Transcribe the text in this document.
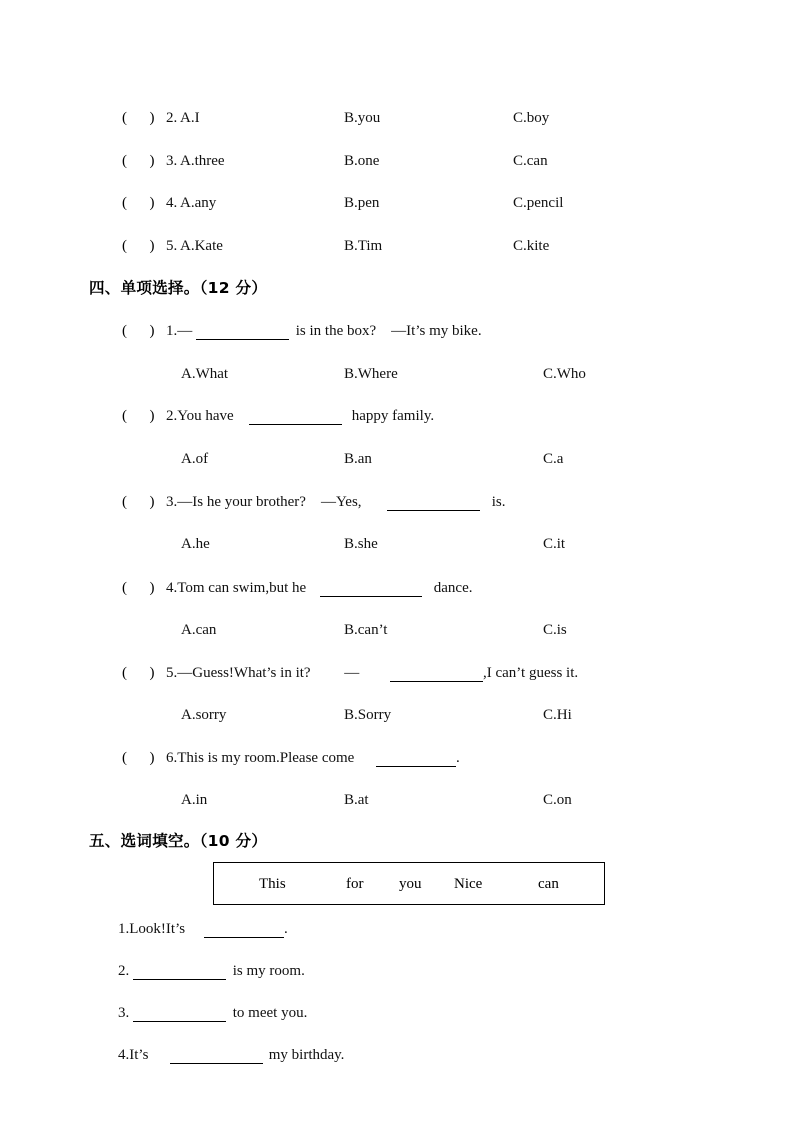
(      ) 2. A.I	B.you	C.boy
(      ) 3. A.three	B.one	C.can
(      ) 4. A.any	B.pen	C.pencil
(      ) 5. A.Kate	B.Tim	C.kite
四、单项选择。（12 分）
(      ) 1.—	is in the box?    —It’s my bike.
A.What	B.Where	C.Who
(      ) 2.You have	happy family.
A.of	B.an	C.a
(      ) 3.—Is he your brother?    —Yes,	is.
A.he	B.she	C.it
(      ) 4.Tom can swim,but he	dance.
A.can	B.can’t	C.is
(      ) 5.—Guess!What’s in it?         —	,I can’t guess it.
A.sorry	B.Sorry	C.Hi
(      ) 6.This is my room.Please come	.
A.in	B.at	C.on
五、选词填空。（10 分）
This	for you Nice	can
1.Look!It’s	.
2.	is my room.
3.	to meet you.
4.It’s	my birthday.
